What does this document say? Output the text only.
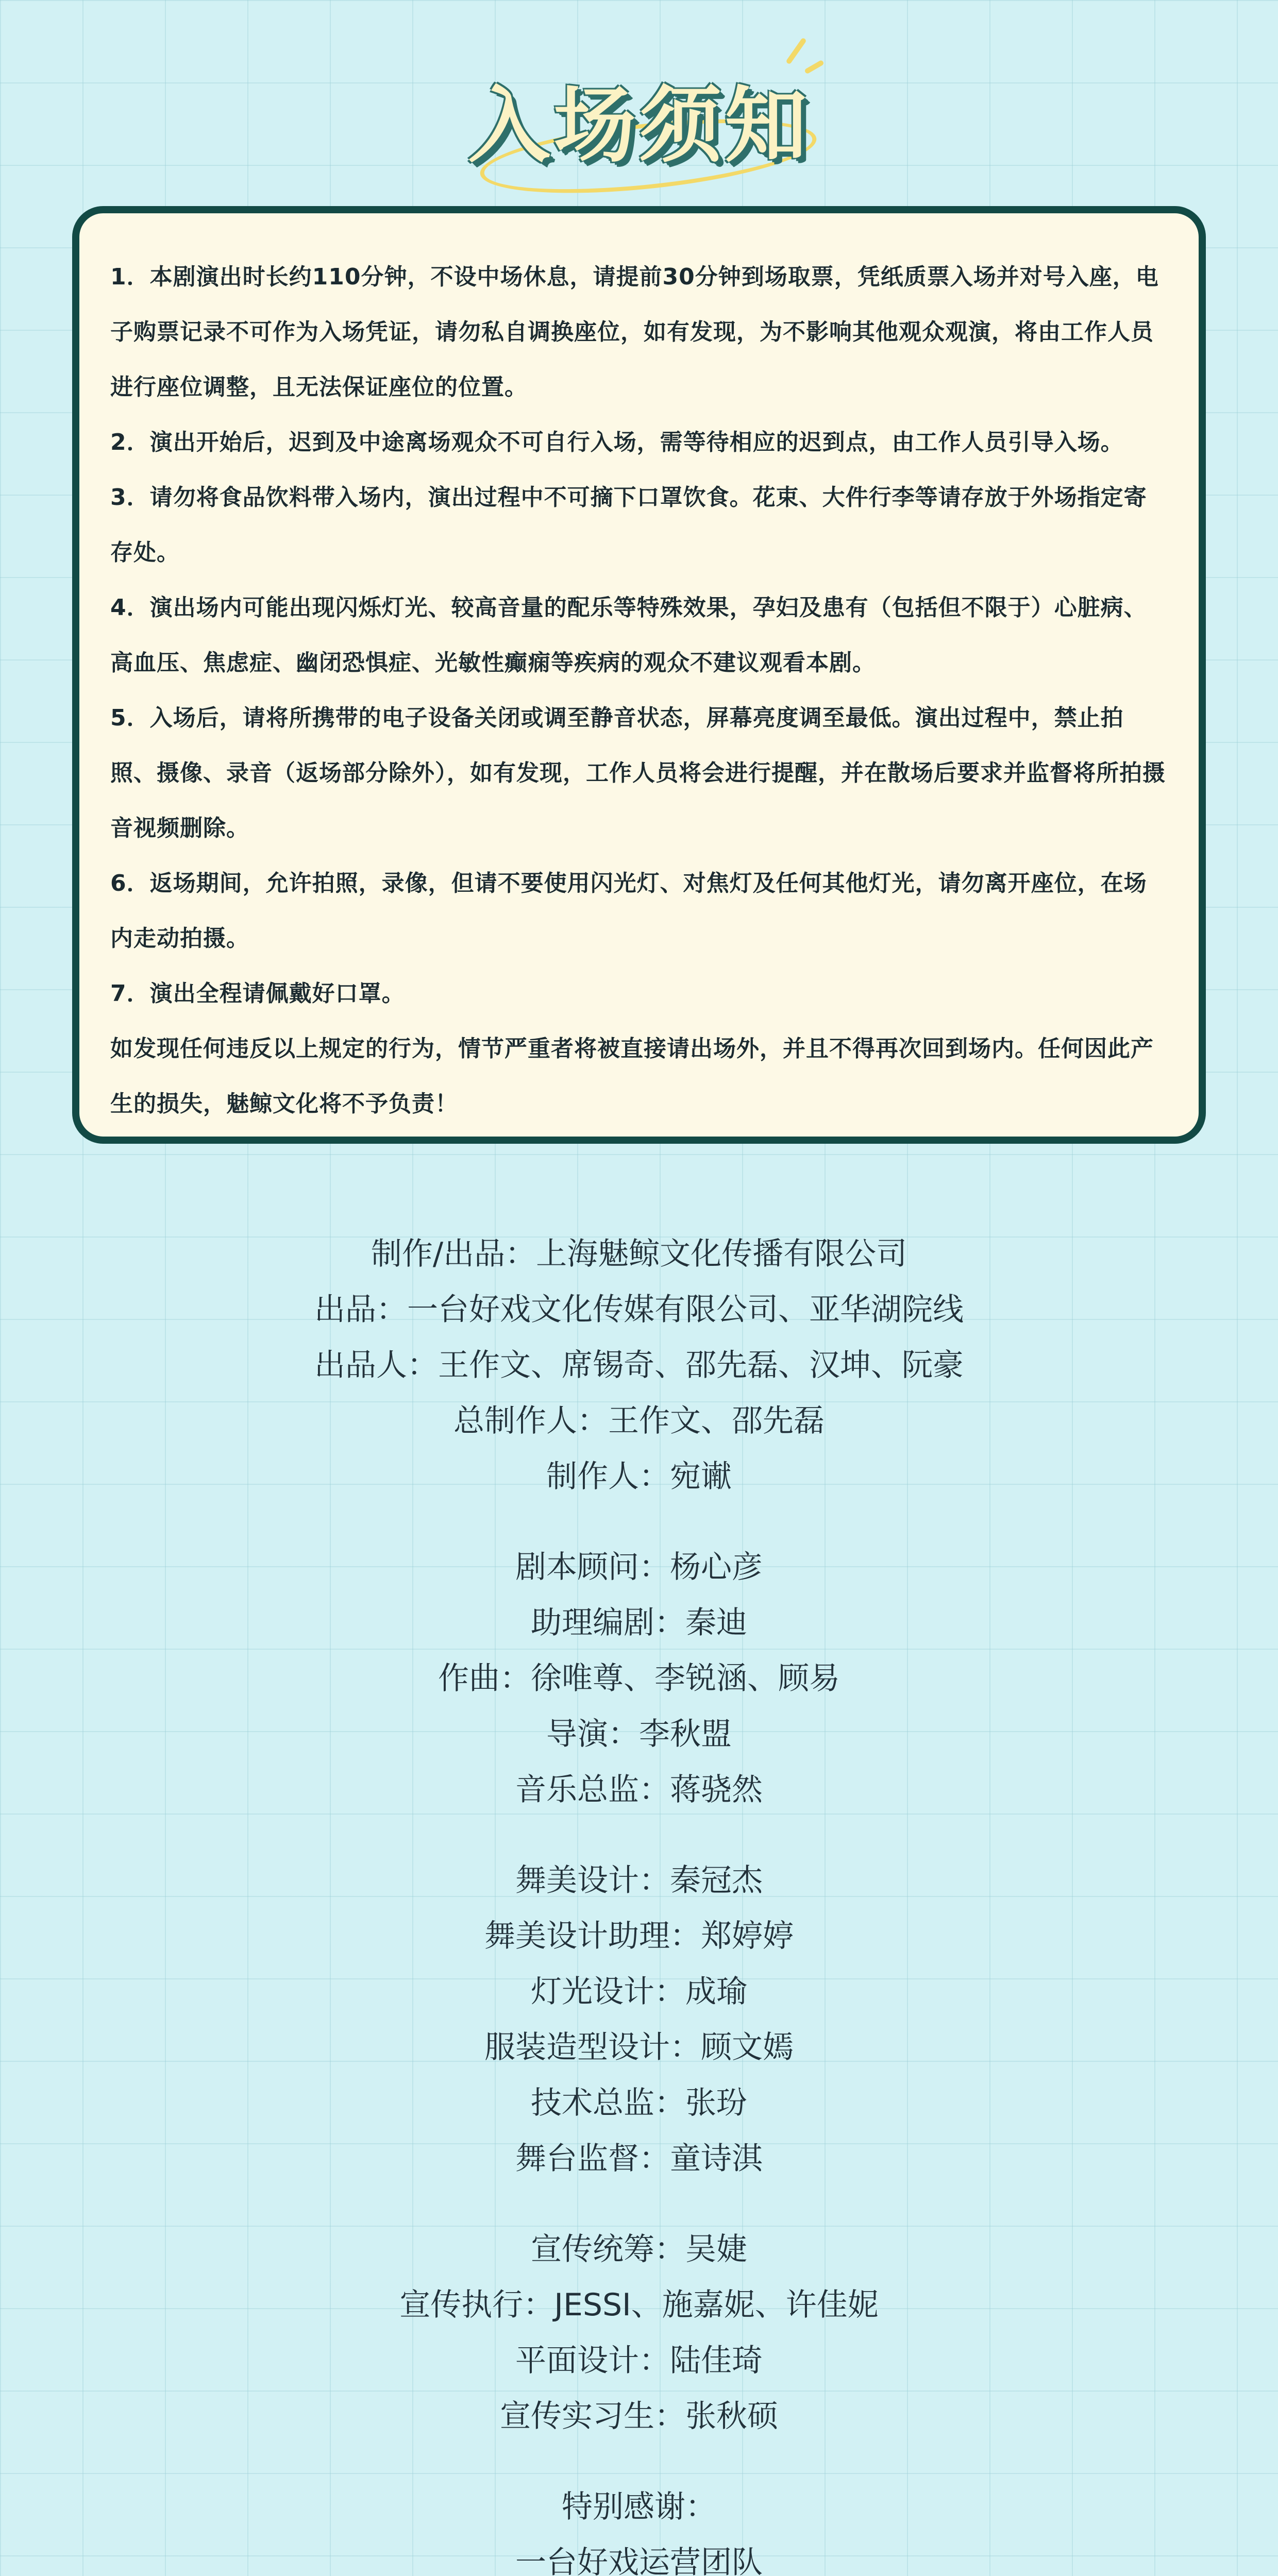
入场须知

1．本剧演出时长约110分钟，不设中场休息，请提前30分钟到场取票，凭纸质票入场并对号入座，电子购票记录不可作为入场凭证，请勿私自调换座位，如有发现，为不影响其他观众观演，将由工作人员进行座位调整，且无法保证座位的位置。

2．演出开始后，迟到及中途离场观众不可自行入场，需等待相应的迟到点，由工作人员引导入场。

3．请勿将食品饮料带入场内，演出过程中不可摘下口罩饮食。花束、大件行李等请存放于外场指定寄存处。

4．演出场内可能出现闪烁灯光、较高音量的配乐等特殊效果，孕妇及患有（包括但不限于）心脏病、高血压、焦虑症、幽闭恐惧症、光敏性癫痫等疾病的观众不建议观看本剧。

5．入场后，请将所携带的电子设备关闭或调至静音状态，屏幕亮度调至最低。演出过程中，禁止拍照、摄像、录音（返场部分除外），如有发现，工作人员将会进行提醒，并在散场后要求并监督将所拍摄音视频删除。

6．返场期间，允许拍照，录像，但请不要使用闪光灯、对焦灯及任何其他灯光，请勿离开座位，在场内走动拍摄。

7．演出全程请佩戴好口罩。

如发现任何违反以上规定的行为，情节严重者将被直接请出场外，并且不得再次回到场内。任何因此产生的损失，魅鲸文化将不予负责！

制作/出品：上海魅鲸文化传播有限公司
出品：一台好戏文化传媒有限公司、亚华湖院线
出品人：王作文、席锡奇、邵先磊、汉坤、阮豪
总制作人：王作文、邵先磊
制作人：宛谳
剧本顾问：杨心彦
助理编剧：秦迪
作曲：徐唯尊、李锐涵、顾易
导演：李秋盟
音乐总监：蒋骁然
舞美设计：秦冠杰
舞美设计助理：郑婷婷
灯光设计：成瑜
服装造型设计：顾文嫣
技术总监：张玢
舞台监督：童诗淇
宣传统筹：吴婕
宣传执行：JESSI、施嘉妮、许佳妮
平面设计：陆佳琦
宣传实习生：张秋硕
特别感谢：
一台好戏运营团队
